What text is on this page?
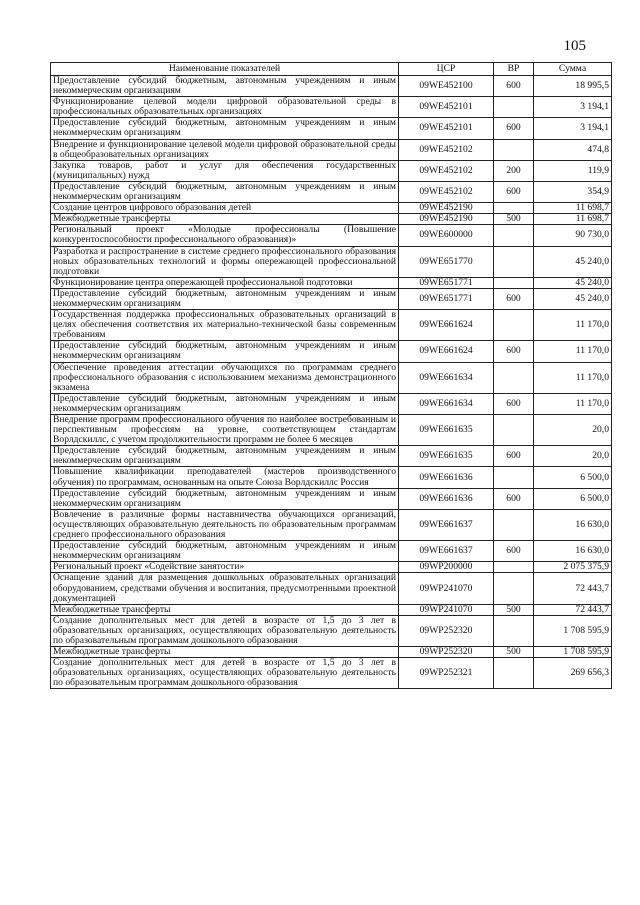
105
Наименование показателей	ЦСР	ВР	Сумма
Предоставление субсидий бюджетным, автономным учреждениям и иным некоммерческим организациям	09WE452100	600	18 995,5
Функционирование целевой модели цифровой образовательной среды в профессиональных образовательных организациях	09WE452101		3 194,1
Предоставление субсидий бюджетным, автономным учреждениям и иным некоммерческим организациям	09WE452101	600	3 194,1
Внедрение и функционирование целевой модели цифровой образовательной среды в общеобразовательных организациях	09WE452102		474,8
Закупка товаров, работ и услуг для обеспечения государственных (муниципальных) нужд	09WE452102	200	119,9
Предоставление субсидий бюджетным, автономным учреждениям и иным некоммерческим организациям	09WE452102	600	354,9
Создание центров цифрового образования детей	09WE452190		11 698,7
Межбюджетные трансферты	09WE452190	500	11 698,7
Региональный проект «Молодые профессионалы (Повышение конкурентоспособности профессионального образования)»	09WE600000		90 730,0
Разработка и распространение в системе среднего профессионального образования новых образовательных технологий и формы опережающей профессиональной подготовки	09WE651770		45 240,0
Функционирование центра опережающей профессиональной подготовки	09WE651771		45 240,0
Предоставление субсидий бюджетным, автономным учреждениям и иным некоммерческим организациям	09WE651771	600	45 240,0
Государственная поддержка профессиональных образовательных организаций в целях обеспечения соответствия их материально-технической базы современным требованиям	09WE661624		11 170,0
Предоставление субсидий бюджетным, автономным учреждениям и иным некоммерческим организациям	09WE661624	600	11 170,0
Обеспечение проведения аттестации обучающихся по программам среднего профессионального образования с использованием механизма демонстрационного экзамена	09WE661634		11 170,0
Предоставление субсидий бюджетным, автономным учреждениям и иным некоммерческим организациям	09WE661634	600	11 170,0
Внедрение программ профессионального обучения по наиболее востребованным и перспективным профессиям на уровне, соответствующем стандартам Ворлдскиллс, с учетом продолжительности программ не более 6 месяцев	09WE661635		20,0
Предоставление субсидий бюджетным, автономным учреждениям и иным некоммерческим организациям	09WE661635	600	20,0
Повышение квалификации преподавателей (мастеров производственного обучения) по программам, основанным на опыте Союза Ворлдскиллс Россия	09WE661636		6 500,0
Предоставление субсидий бюджетным, автономным учреждениям и иным некоммерческим организациям	09WE661636	600	6 500,0
Вовлечение в различные формы наставничества обучающихся организаций, осуществляющих образовательную деятельность по образовательным программам среднего профессионального образования	09WE661637		16 630,0
Предоставление субсидий бюджетным, автономным учреждениям и иным некоммерческим организациям	09WE661637	600	16 630,0
Региональный проект «Содействие занятости»	09WP200000		2 075 375,9
Оснащение зданий для размещения дошкольных образовательных организаций оборудованием, средствами обучения и воспитания, предусмотренными проектной документацией	09WP241070		72 443,7
Межбюджетные трансферты	09WP241070	500	72 443,7
Создание дополнительных мест для детей в возрасте от 1,5 до 3 лет в образовательных организациях, осуществляющих образовательную деятельность по образовательным программам дошкольного образования	09WP252320		1 708 595,9
Межбюджетные трансферты	09WP252320	500	1 708 595,9
Создание дополнительных мест для детей в возрасте от 1,5 до 3 лет в образовательных организациях, осуществляющих образовательную деятельность по образовательным программам дошкольного образования	09WP252321		269 656,3
